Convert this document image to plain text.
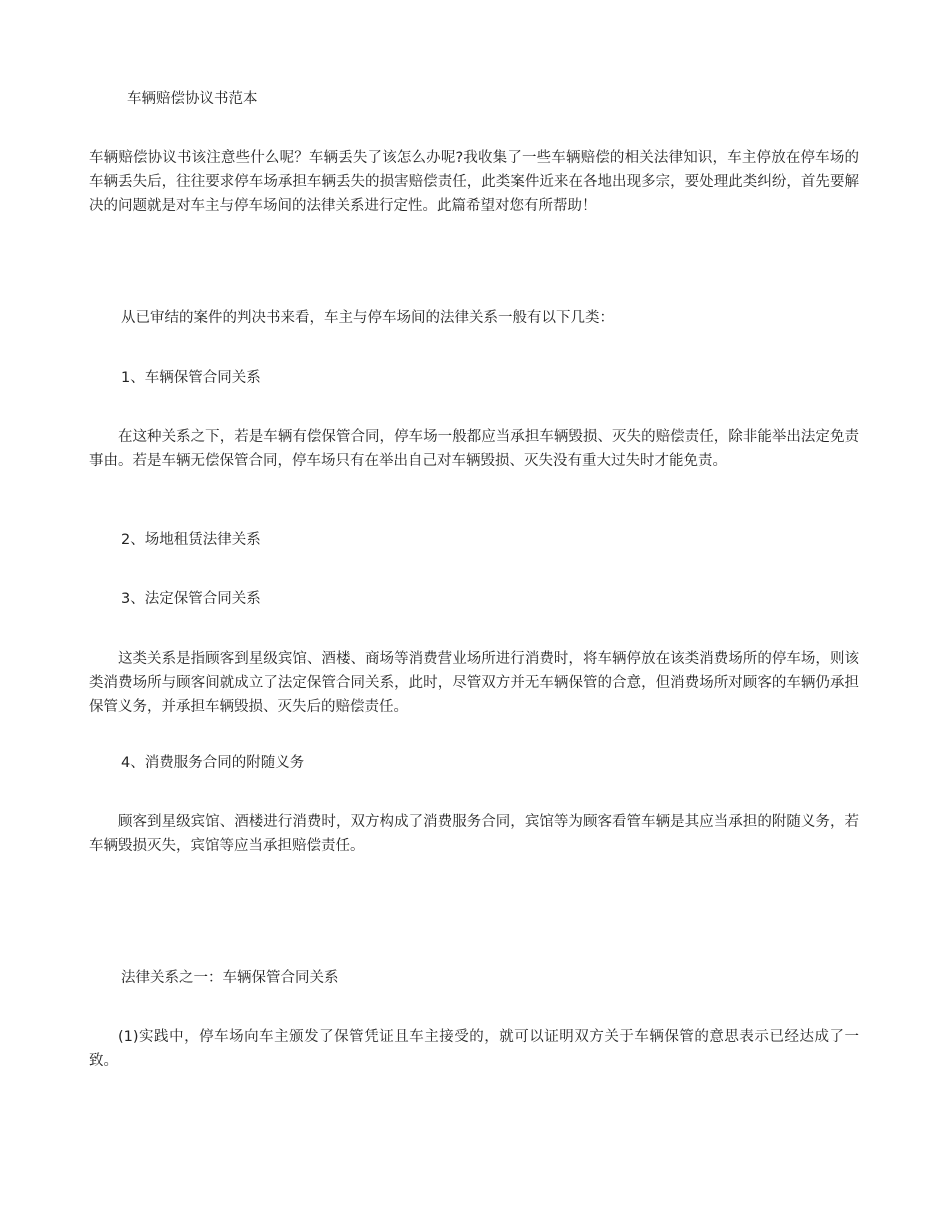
车辆赔偿协议书范本

车辆赔偿协议书该注意些什么呢？车辆丢失了该怎么办呢?我收集了一些车辆赔偿的相关法律知识，车主停放在停车场的车辆丢失后，往往要求停车场承担车辆丢失的损害赔偿责任，此类案件近来在各地出现多宗，要处理此类纠纷，首先要解决的问题就是对车主与停车场间的法律关系进行定性。此篇希望对您有所帮助！

从已审结的案件的判决书来看，车主与停车场间的法律关系一般有以下几类：

1、车辆保管合同关系

在这种关系之下，若是车辆有偿保管合同，停车场一般都应当承担车辆毁损、灭失的赔偿责任，除非能举出法定免责事由。若是车辆无偿保管合同，停车场只有在举出自己对车辆毁损、灭失没有重大过失时才能免责。

2、场地租赁法律关系

3、法定保管合同关系

这类关系是指顾客到星级宾馆、酒楼、商场等消费营业场所进行消费时，将车辆停放在该类消费场所的停车场，则该类消费场所与顾客间就成立了法定保管合同关系，此时，尽管双方并无车辆保管的合意，但消费场所对顾客的车辆仍承担保管义务，并承担车辆毁损、灭失后的赔偿责任。

4、消费服务合同的附随义务

顾客到星级宾馆、酒楼进行消费时，双方构成了消费服务合同，宾馆等为顾客看管车辆是其应当承担的附随义务，若车辆毁损灭失，宾馆等应当承担赔偿责任。

法律关系之一：车辆保管合同关系

(1)实践中，停车场向车主颁发了保管凭证且车主接受的，就可以证明双方关于车辆保管的意思表示已经达成了一致。
